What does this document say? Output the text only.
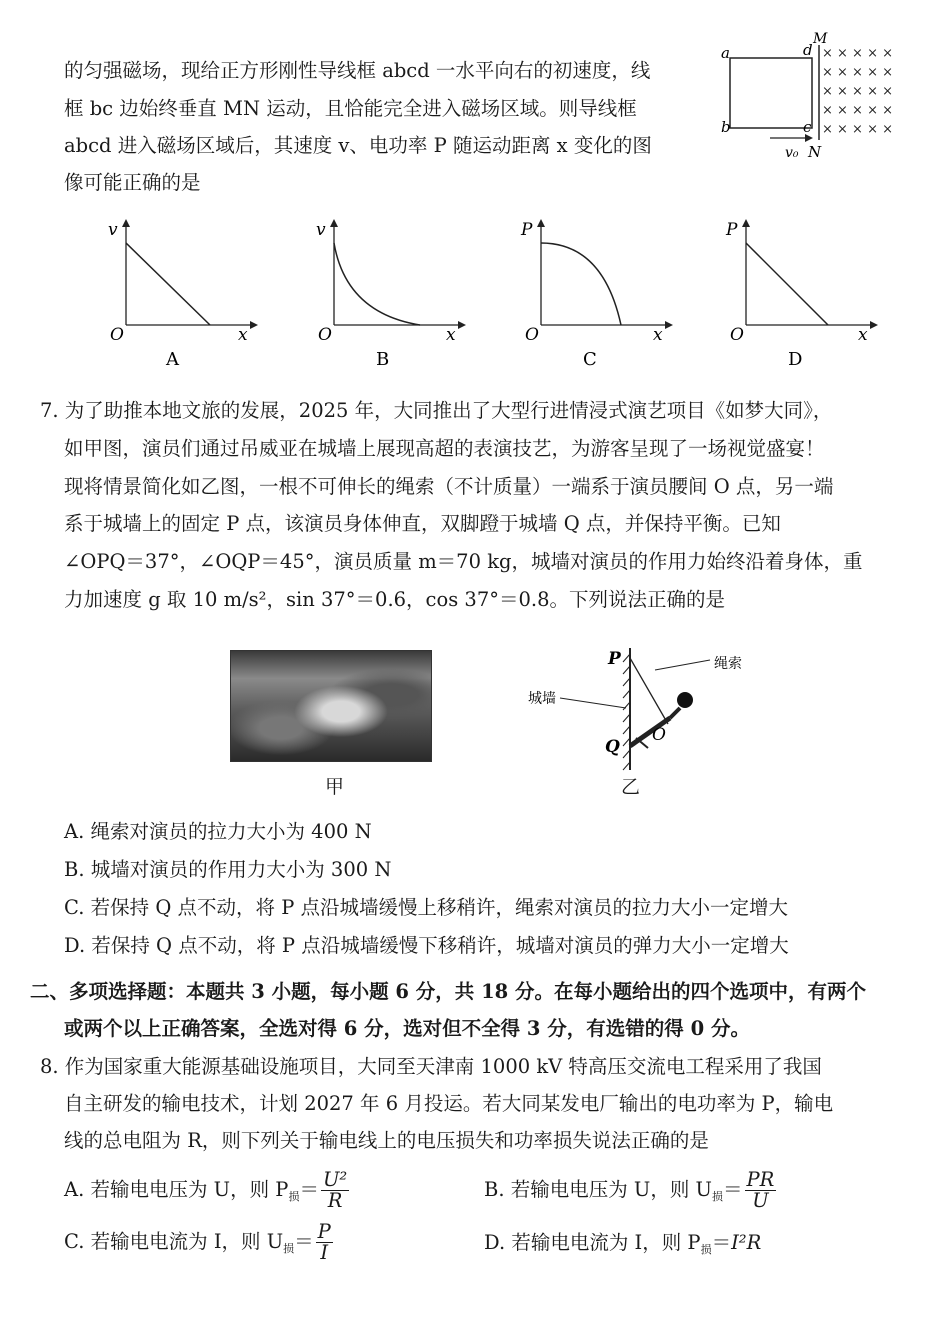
的匀强磁场，现给正方形刚性导线框 abcd 一水平向右的初速度，线
框 bc 边始终垂直 MN 运动，且恰能完全进入磁场区域。则导线框
abcd 进入磁场区域后，其速度 v、电功率 P 随运动距离 x 变化的图
像可能正确的是
× × × × ×
× × × × ×
× × × × ×
× × × × ×
× × × × ×
a	d
M
b	c
v₀ N
v
x
O
A
v
x
O
B
P
x
O
C
P
x
O
D
7. 为了助推本地文旅的发展，2025 年，大同推出了大型行进情浸式演艺项目《如梦大同》，
如甲图，演员们通过吊威亚在城墙上展现高超的表演技艺，为游客呈现了一场视觉盛宴！
现将情景简化如乙图，一根不可伸长的绳索（不计质量）一端系于演员腰间 O 点，另一端
系于城墙上的固定 P 点，该演员身体伸直，双脚蹬于城墙 Q 点，并保持平衡。已知
∠OPQ＝37°，∠OQP＝45°，演员质量 m＝70 kg，城墙对演员的作用力始终沿着身体，重
力加速度 g 取 10 m/s²，sin 37°＝0.6，cos 37°＝0.8。下列说法正确的是
甲
P
Q
O
城墙
绳索
乙
A. 绳索对演员的拉力大小为 400 N
B. 城墙对演员的作用力大小为 300 N
C. 若保持 Q 点不动，将 P 点沿城墙缓慢上移稍许，绳索对演员的拉力大小一定增大
D. 若保持 Q 点不动，将 P 点沿城墙缓慢下移稍许，城墙对演员的弹力大小一定增大
二、多项选择题：本题共 3 小题，每小题 6 分，共 18 分。在每小题给出的四个选项中，有两个
或两个以上正确答案，全选对得 6 分，选对但不全得 3 分，有选错的得 0 分。
8. 作为国家重大能源基础设施项目，大同至天津南 1000 kV 特高压交流电工程采用了我国
自主研发的输电技术，计划 2027 年 6 月投运。若大同某发电厂输出的电功率为 P，输电
线的总电阻为 R，则下列关于输电线上的电压损失和功率损失说法正确的是
A. 若输电电压为 U，则 $P_损= \frac{\text{U²}}{R}$	B. 若输电电压为 U，则 $U_损= \frac{PR}{U}$
C. 若输电电流为 I，则 $U_损= \frac{P}{I}$	D. 若输电电流为 I，则 $P_损=I^2R$
